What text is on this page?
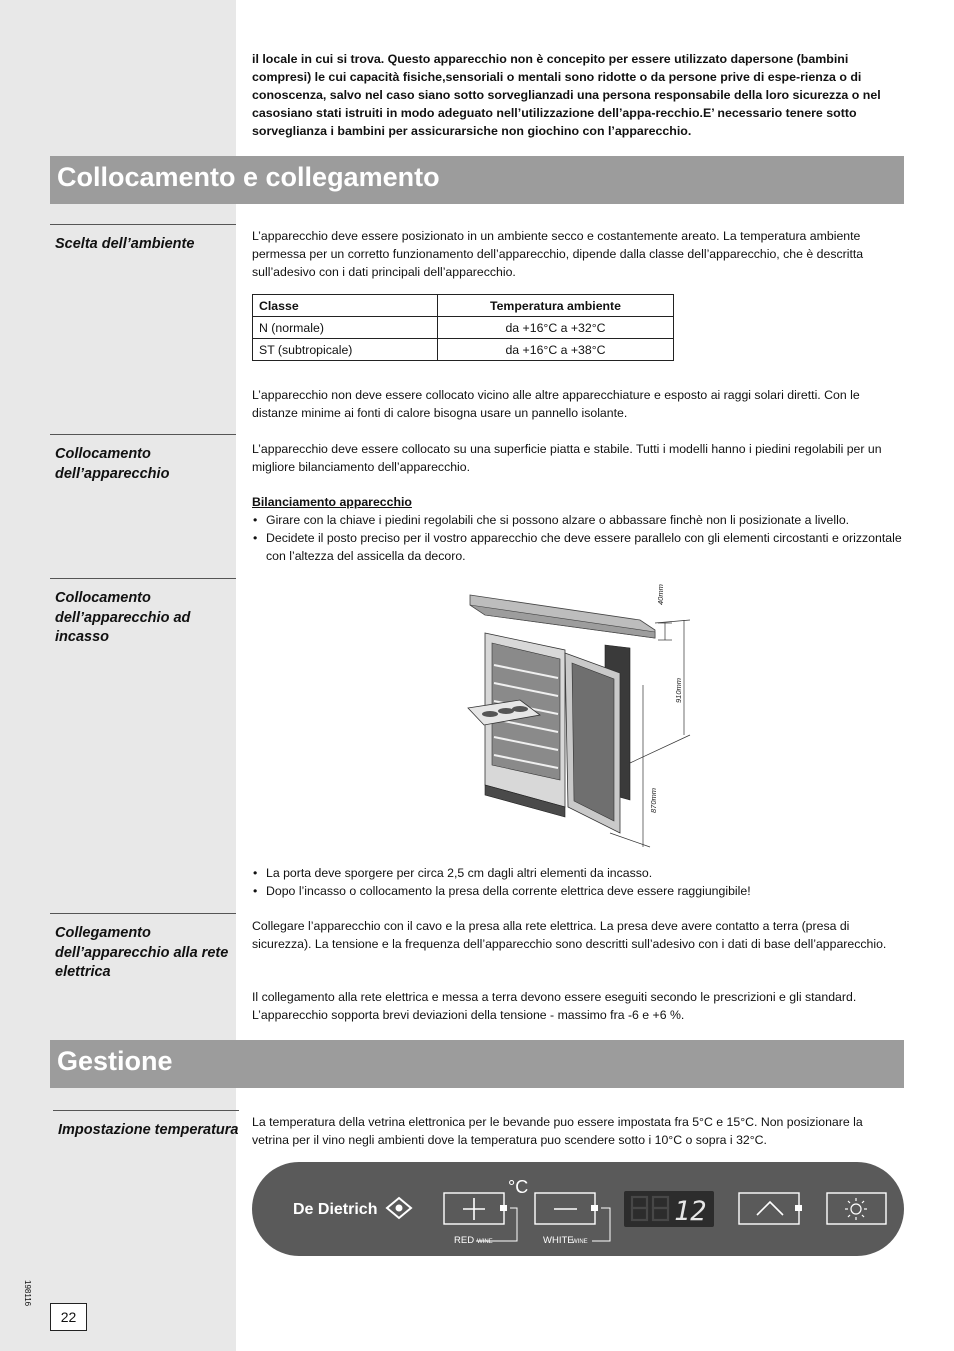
il locale in cui si trova. Questo apparecchio non è concepito per essere utilizzato dapersone (bambini compresi) le cui capacità fisiche,sensoriali o mentali sono ridotte o da persone prive di espe-rienza o di conoscenza, salvo nel caso siano sotto sorveglianzadi una persona responsabile della loro sicurezza o nel casosiano stati istruiti in modo adeguato nell’utilizzazione dell’appa-recchio.E’ necessario tenere sotto sorveglianza i bambini per assicurarsiche non giochino con l’apparecchio.
Collocamento e collegamento
Scelta dell’ambiente	L’apparecchio deve essere posizionato in un ambiente secco e costantemente areato. La temperatura ambiente permessa per un corretto funzionamento dell’apparecchio, dipende dalla classe dell’apparecchio, che è descritta sull’adesivo con i dati principali dell’apparecchio.
Classe	Temperatura ambiente
N (normale)	da +16°C a +32°C
ST (subtropicale)	da +16°C a +38°C
L’apparecchio non deve essere collocato vicino alle altre apparecchiature e esposto ai raggi solari diretti. Con le distanze minime ai fonti di calore bisogna usare un pannello isolante.
Collocamento dell’apparecchio
L’apparecchio deve essere collocato su una superficie piatta e stabile. Tutti i modelli hanno i piedini regolabili per un migliore bilanciamento dell’apparecchio.
Bilanciamento apparecchio
• Girare con la chiave i piedini regolabili che si possono alzare o abbassare finchè non li posizionate a livello.
• Decidete il posto preciso per il vostro apparecchio che deve essere parallelo con gli elementi circostanti e orizzontale con l’altezza del assicella da decoro.
Collocamento dell’apparecchio ad incasso
40mm
910mm
870mm
• La porta deve sporgere per circa 2,5 cm dagli altri elementi da incasso.
• Dopo l’incasso o collocamento la presa della corrente elettrica deve essere raggiungibile!
Collegamento dell’apparecchio alla rete elettrica
Collegare l’apparecchio con il cavo e la presa alla rete elettrica. La presa deve avere contatto a terra (presa di sicurezza). La tensione e la frequenza dell’apparecchio sono descritti sull’adesivo con i dati di base dell’apparecchio.
Il collegamento alla rete elettrica e messa a terra devono essere eseguiti secondo le prescrizioni e gli standard. L’apparecchio sopporta brevi deviazioni della tensione - massimo fra -6 e +6 %.
Gestione
Impostazione temperatura La temperatura della vetrina elettronica per le bevande puo essere impostata fra 5°C e 15°C. Non posizionare la vetrina per il vino negli ambienti dove la temperatura puo scendere sotto i 10°C o sopra i 32°C.
De Dietrich
RED WINE
°C
WHITE
WINE
12
198116
22
